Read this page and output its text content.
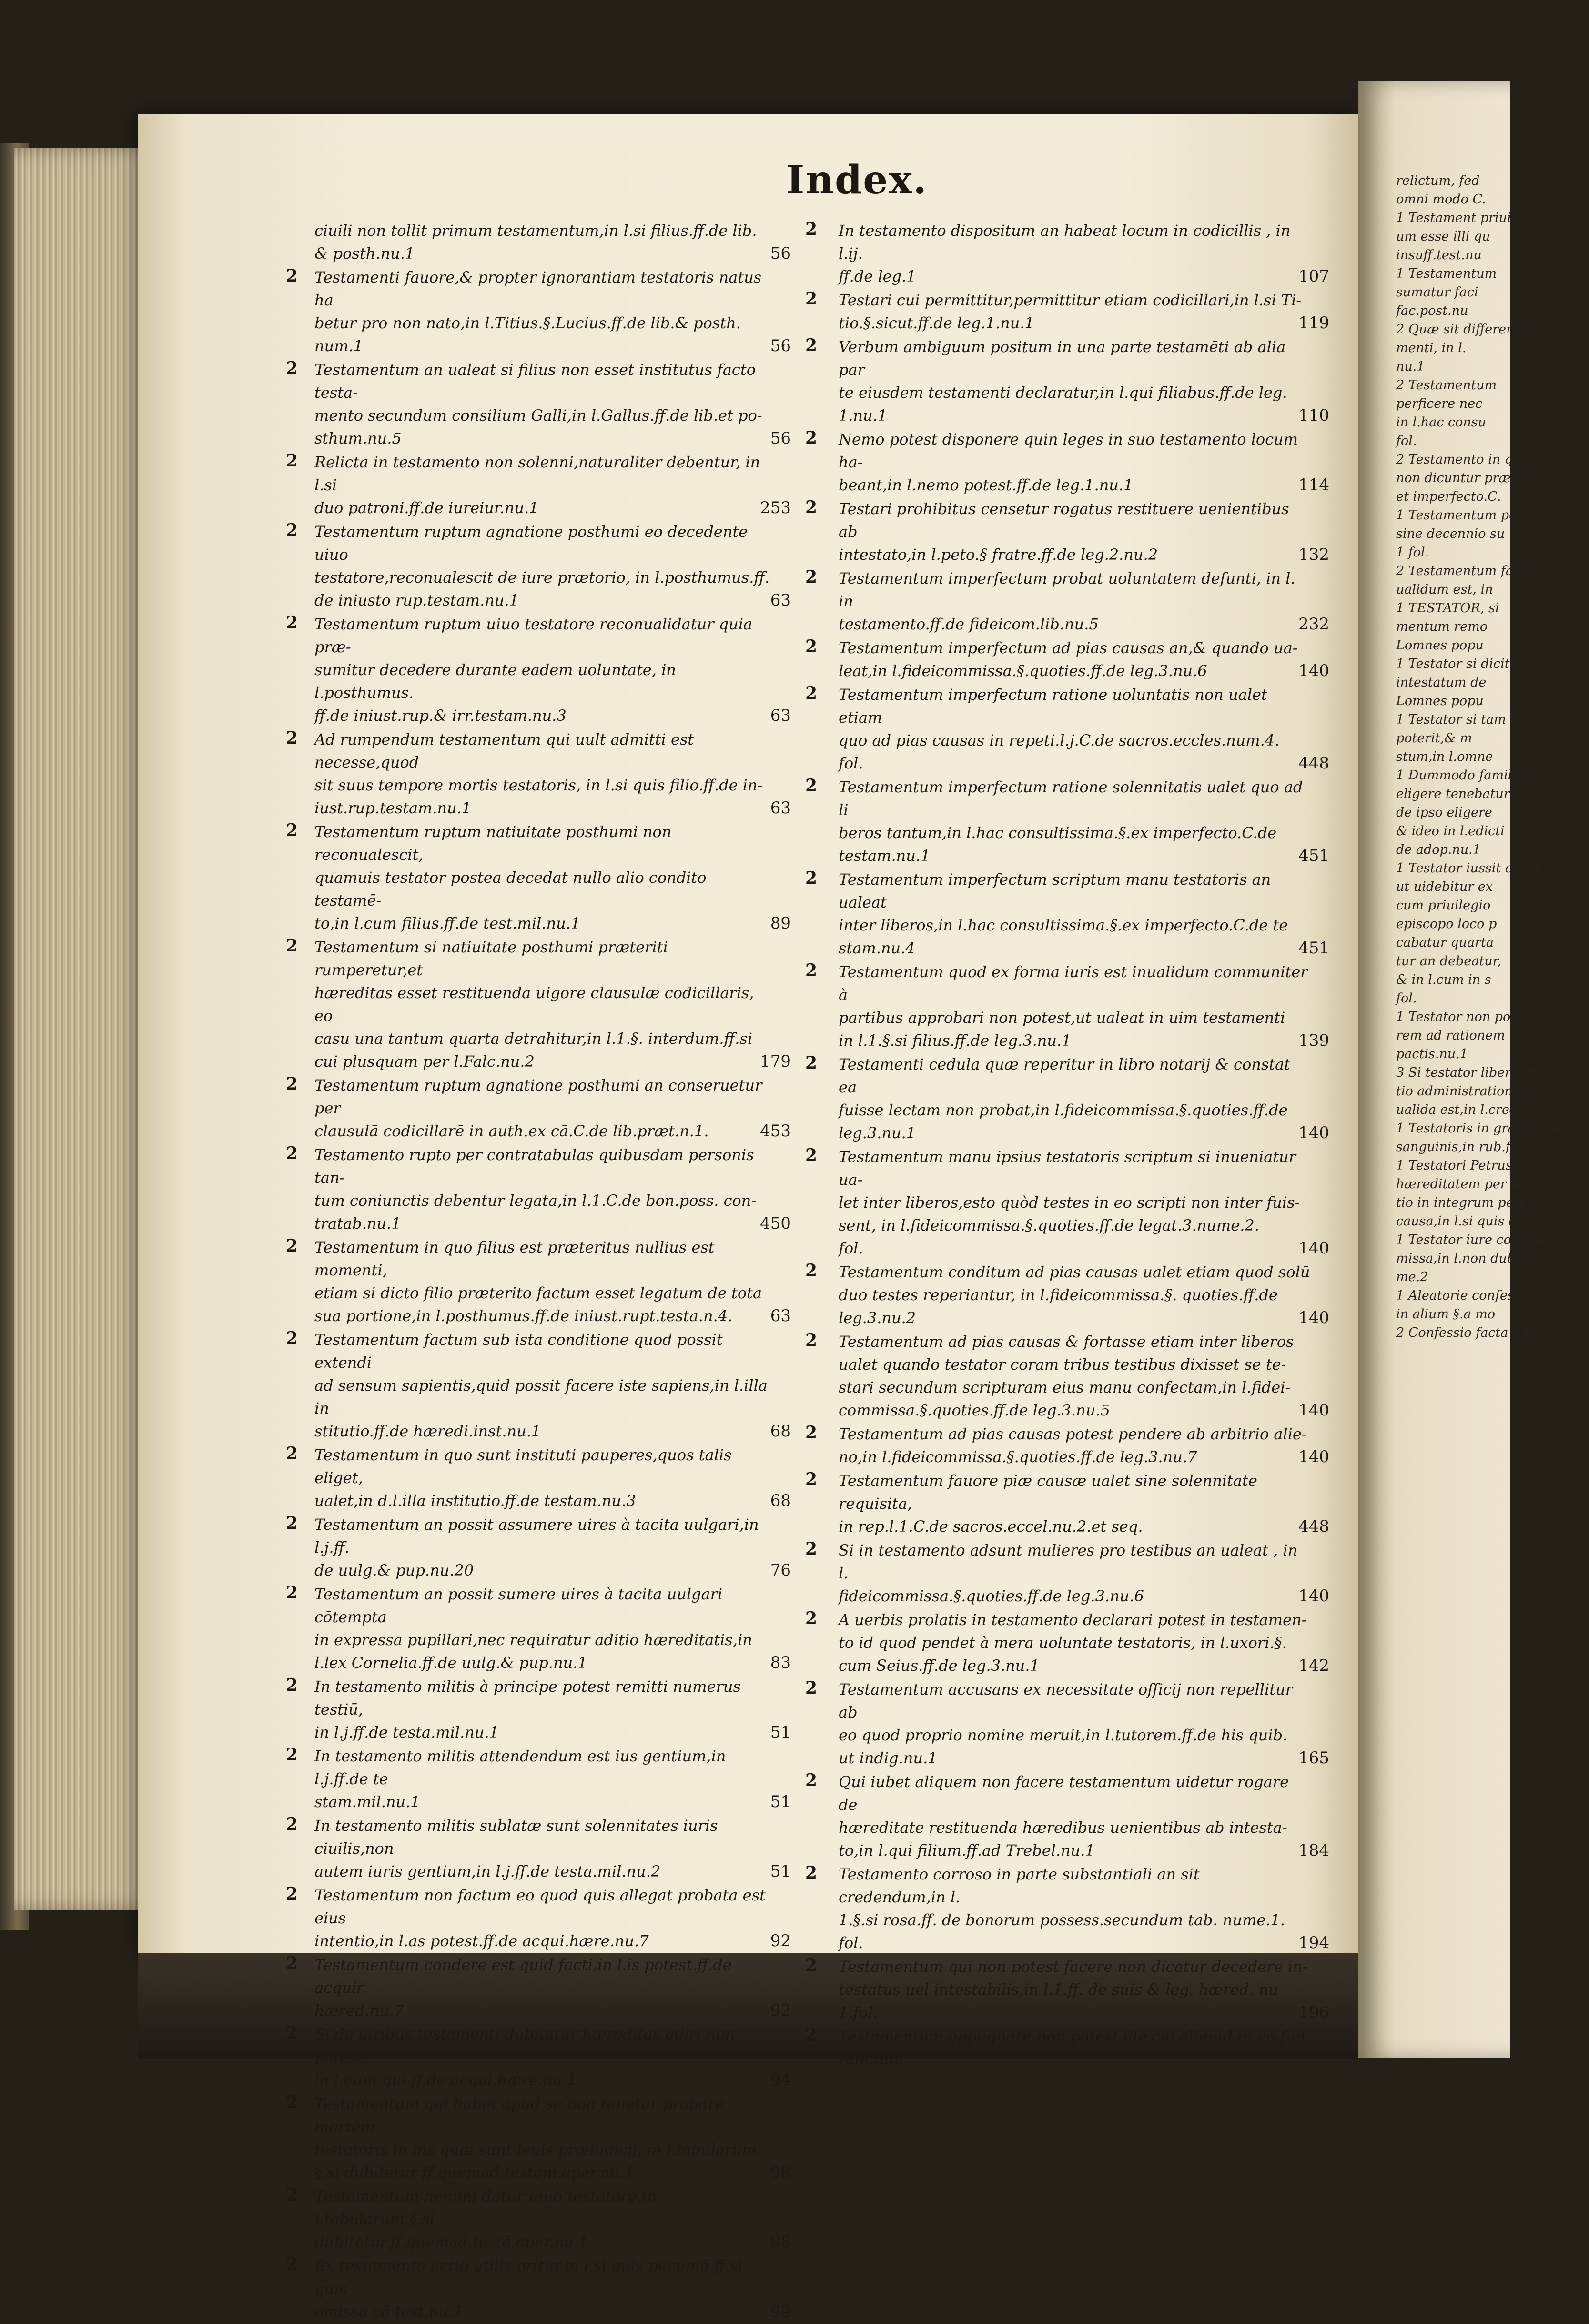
relictum, fed
omni modo C.
1 Testament priuilegia
um esse illi qu
insuff.test.nu
1 Testamentum
sumatur faci
fac.post.nu
2 Quæ sit differen
menti, in l.
nu.1
2 Testamentum
perficere nec
in l.hac consu
fol.
2 Testamento in qu
non dicuntur præ
et imperfecto.C.
1 Testamentum perf
sine decennio su
1 fol.
2 Testamentum fa
ualidum est, in
1 TESTATOR, si
mentum remo
Lomnes popu
1 Testator si dicit
intestatum de
Lomnes popu
1 Testator si tam
poterit,& m
stum,in l.omne
1 Dummodo familia
eligere tenebatur
de ipso eligere
& ideo in l.edicti
de adop.nu.1
1 Testator iussit certa
ut uidebitur ex
cum priuilegio
episcopo loco p
cabatur quarta
tur an debeatur,
& in l.cum in s
fol.
1 Testator non potest
rem ad rationem
pactis.nu.1
3 Si testator liberat tu
tio administration
ualida est,in l.credi
1 Testatoris in grauioribus
sanguinis,in rub.ff
1 Testatori Petrus succe
hæreditatem per sua
tio in integrum pete
causa,in l.si quis ex
1 Testator iure confessione
missa,in l.non dubiu
me.2
1 Aleatorie confessio facta ab
in alium §.a mo
2 Confessio facta à testat
Index.
ciuili non tollit primum testamentum,in l.si filius.ff.de lib.
& posth.nu.1	56
2 Testamenti fauore,& propter ignorantiam testatoris natus ha
betur pro non nato,in l.Titius.§.Lucius.ff.de lib.& posth.
num.1	56
2 Testamentum an ualeat si filius non esset institutus facto testa-
mento secundum consilium Galli,in l.Gallus.ff.de lib.et po-
sthum.nu.5	56
2 Relicta in testamento non solenni,naturaliter debentur, in l.si
duo patroni.ff.de iureiur.nu.1	253
2 Testamentum ruptum agnatione posthumi eo decedente uiuo
testatore,reconualescit de iure prætorio, in l.posthumus.ff.
de iniusto rup.testam.nu.1	63
2 Testamentum ruptum uiuo testatore reconualidatur quia præ-
sumitur decedere durante eadem uoluntate, in l.posthumus.
ff.de iniust.rup.& irr.testam.nu.3	63
2 Ad rumpendum testamentum qui uult admitti est necesse,quod
sit suus tempore mortis testatoris, in l.si quis filio.ff.de in-
iust.rup.testam.nu.1	63
2 Testamentum ruptum natiuitate posthumi non reconualescit,
quamuis testator postea decedat nullo alio condito testamē-
to,in l.cum filius.ff.de test.mil.nu.1	89
2 Testamentum si natiuitate posthumi præteriti rumperetur,et
hæreditas esset restituenda uigore clausulæ codicillaris, eo
casu una tantum quarta detrahitur,in l.1.§. interdum.ff.si
cui plusquam per l.Falc.nu.2	179
2 Testamentum ruptum agnatione posthumi an conseruetur per
clausulā codicillarē in auth.ex cā.C.de lib.præt.n.1.	453
2 Testamento rupto per contratabulas quibusdam personis tan-
tum coniunctis debentur legata,in l.1.C.de bon.poss. con-
tratab.nu.1	450
2 Testamentum in quo filius est præteritus nullius est momenti,
etiam si dicto filio præterito factum esset legatum de tota
sua portione,in l.posthumus.ff.de iniust.rupt.testa.n.4.	63
2 Testamentum factum sub ista conditione quod possit extendi
ad sensum sapientis,quid possit facere iste sapiens,in l.illa in
stitutio.ff.de hæredi.inst.nu.1	68
2 Testamentum in quo sunt instituti pauperes,quos talis eliget,
ualet,in d.l.illa institutio.ff.de testam.nu.3	68
2 Testamentum an possit assumere uires à tacita uulgari,in l.j.ff.
de uulg.& pup.nu.20	76
2 Testamentum an possit sumere uires à tacita uulgari cōtempta
in expressa pupillari,nec requiratur aditio hæreditatis,in
l.lex Cornelia.ff.de uulg.& pup.nu.1	83
2 In testamento militis à principe potest remitti numerus testiū,
in l.j.ff.de testa.mil.nu.1	51
2 In testamento militis attendendum est ius gentium,in l.j.ff.de te
stam.mil.nu.1	51
2 In testamento militis sublatæ sunt solennitates iuris ciuilis,non
autem iuris gentium,in l.j.ff.de testa.mil.nu.2	51
2 Testamentum non factum eo quod quis allegat probata est eius
intentio,in l.as potest.ff.de acqui.hære.nu.7	92
2 Testamentum condere est quid facti,in l.is potest.ff.de acquir.
hæred.nu.7	92
2 Si de uiribus testamenti dubitatur hæreditas adiri non potest,
in l.eum qui.ff.de acqui.hære.nu.1	94
2 Testamentum qui habet apud se non tenetur probare mortem
testatoris in his quæ sunt leuis præiudicij, in l.tabularum.
§.si dubitetur ff.quemad.testam.aper.nu.1	98
2 Testamentum nemini datur uiuo testatore,in l.tabularum.§.si
dubitetur.ff.quemad.testā.aper.nu.1	98
2 Ex testamento actio utilis oritur,in l.si quis pecuniā.ff.si quis
omissa cā test.nu.1	99
2 In testamento dispositum an habeat locum in codicillis , in l.ij.
ff.de leg.1	107
2 Testari cui permittitur,permittitur etiam codicillari,in l.si Ti-
tio.§.sicut.ff.de leg.1.nu.1	119
2 Verbum ambiguum positum in una parte testamēti ab alia par
te eiusdem testamenti declaratur,in l.qui filiabus.ff.de leg.
1.nu.1	110
2 Nemo potest disponere quin leges in suo testamento locum ha-
beant,in l.nemo potest.ff.de leg.1.nu.1	114
2 Testari prohibitus censetur rogatus restituere uenientibus ab
intestato,in l.peto.§ fratre.ff.de leg.2.nu.2	132
2 Testamentum imperfectum probat uoluntatem defunti, in l. in
testamento.ff.de fideicom.lib.nu.5	232
2 Testamentum imperfectum ad pias causas an,& quando ua-
leat,in l.fideicommissa.§.quoties.ff.de leg.3.nu.6	140
2 Testamentum imperfectum ratione uoluntatis non ualet etiam
quo ad pias causas in repeti.l.j.C.de sacros.eccles.num.4.
fol.	448
2 Testamentum imperfectum ratione solennitatis ualet quo ad li
beros tantum,in l.hac consultissima.§.ex imperfecto.C.de
testam.nu.1	451
2 Testamentum imperfectum scriptum manu testatoris an ualeat
inter liberos,in l.hac consultissima.§.ex imperfecto.C.de te
stam.nu.4	451
2 Testamentum quod ex forma iuris est inualidum communiter à
partibus approbari non potest,ut ualeat in uim testamenti
in l.1.§.si filius.ff.de leg.3.nu.1	139
2 Testamenti cedula quæ reperitur in libro notarij & constat ea
fuisse lectam non probat,in l.fideicommissa.§.quoties.ff.de
leg.3.nu.1	140
2 Testamentum manu ipsius testatoris scriptum si inueniatur ua-
let inter liberos,esto quòd testes in eo scripti non inter fuis-
sent, in l.fideicommissa.§.quoties.ff.de legat.3.nume.2.
fol.	140
2 Testamentum conditum ad pias causas ualet etiam quod solū
duo testes reperiantur, in l.fideicommissa.§. quoties.ff.de
leg.3.nu.2	140
2 Testamentum ad pias causas & fortasse etiam inter liberos
ualet quando testator coram tribus testibus dixisset se te-
stari secundum scripturam eius manu confectam,in l.fidei-
commissa.§.quoties.ff.de leg.3.nu.5	140
2 Testamentum ad pias causas potest pendere ab arbitrio alie-
no,in l.fideicommissa.§.quoties.ff.de leg.3.nu.7	140
2 Testamentum fauore piæ causæ ualet sine solennitate requisita,
in rep.l.1.C.de sacros.eccel.nu.2.et seq.	448
2 Si in testamento adsunt mulieres pro testibus an ualeat , in l.
fideicommissa.§.quoties.ff.de leg.3.nu.6	140
2 A uerbis prolatis in testamento declarari potest in testamen-
to id quod pendet à mera uoluntate testatoris, in l.uxori.§.
cum Seius.ff.de leg.3.nu.1	142
2 Testamentum accusans ex necessitate officij non repellitur ab
eo quod proprio nomine meruit,in l.tutorem.ff.de his quib.
ut indig.nu.1	165
2 Qui iubet aliquem non facere testamentum uidetur rogare de
hæreditate restituenda hæredibus uenientibus ab intesta-
to,in l.qui filium.ff.ad Trebel.nu.1	184
2 Testamento corroso in parte substantiali an sit credendum,in l.
1.§.si rosa.ff. de bonorum possess.secundum tab. nume.1.
fol.	194
2 Testamentum qui non potest facere non dicatur decedere in-
testatus uel intestabilis,in l.1.ff. de suis & leg. hæred. nu
1.fol.	196
2 Testamentum oppugnare non potest ille cui aliquid in eo fuit
relictum
